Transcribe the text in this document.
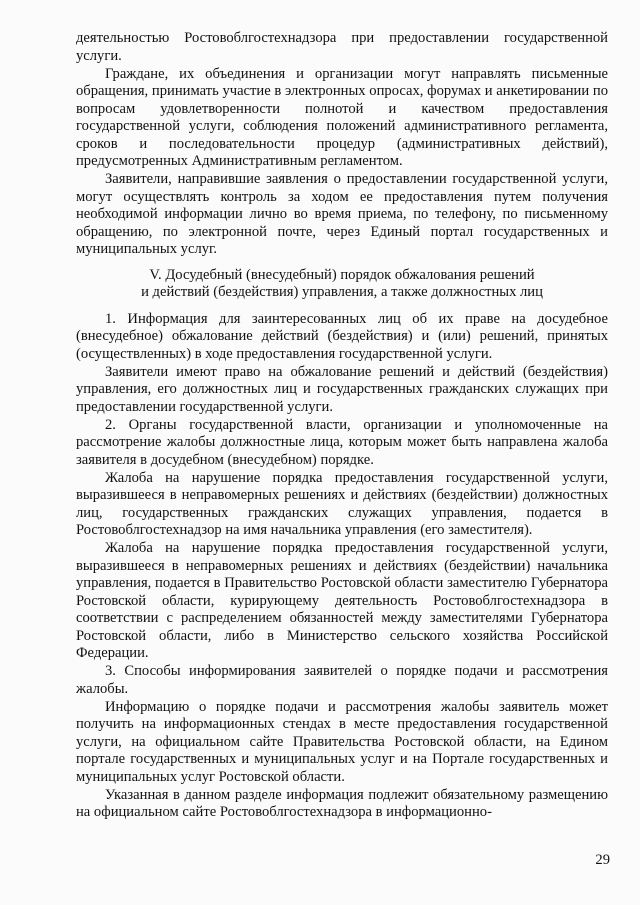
деятельностью Ростовоблгостехнадзора при предоставлении государственной услуги.

Граждане, их объединения и организации могут направлять письменные обращения, принимать участие в электронных опросах, форумах и анкетировании по вопросам удовлетворенности полнотой и качеством предоставления государственной услуги, соблюдения положений административного регламента, сроков и последовательности процедур (административных действий), предусмотренных Административным регламентом.

Заявители, направившие заявления о предоставлении государственной услуги, могут осуществлять контроль за ходом ее предоставления путем получения необходимой информации лично во время приема, по телефону, по письменному обращению, по электронной почте, через Единый портал государственных и муниципальных услуг.

V. Досудебный (внесудебный) порядок обжалования решений
и действий (бездействия) управления, а также должностных лиц

1. Информация для заинтересованных лиц об их праве на досудебное (внесудебное) обжалование действий (бездействия) и (или) решений, принятых (осуществленных) в ходе предоставления государственной услуги.

Заявители имеют право на обжалование решений и действий (бездействия) управления, его должностных лиц и государственных гражданских служащих при предоставлении государственной услуги.

2. Органы государственной власти, организации и уполномоченные на рассмотрение жалобы должностные лица, которым может быть направлена жалоба заявителя в досудебном (внесудебном) порядке.

Жалоба на нарушение порядка предоставления государственной услуги, выразившееся в неправомерных решениях и действиях (бездействии) должностных лиц, государственных гражданских служащих управления, подается в Ростовоблгостехнадзор на имя начальника управления (его заместителя).

Жалоба на нарушение порядка предоставления государственной услуги, выразившееся в неправомерных решениях и действиях (бездействии) начальника управления, подается в Правительство Ростовской области заместителю Губернатора Ростовской области, курирующему деятельность Ростовоблгостехнадзора в соответствии с распределением обязанностей между заместителями Губернатора Ростовской области, либо в Министерство сельского хозяйства Российской Федерации.

3. Способы информирования заявителей о порядке подачи и рассмотрения жалобы.

Информацию о порядке подачи и рассмотрения жалобы заявитель может получить на информационных стендах в месте предоставления государственной услуги, на официальном сайте Правительства Ростовской области, на Едином портале государственных и муниципальных услуг и на Портале государственных и муниципальных услуг Ростовской области.

Указанная в данном разделе информация подлежит обязательному размещению на официальном сайте Ростовоблгостехнадзора в информационно-

29
